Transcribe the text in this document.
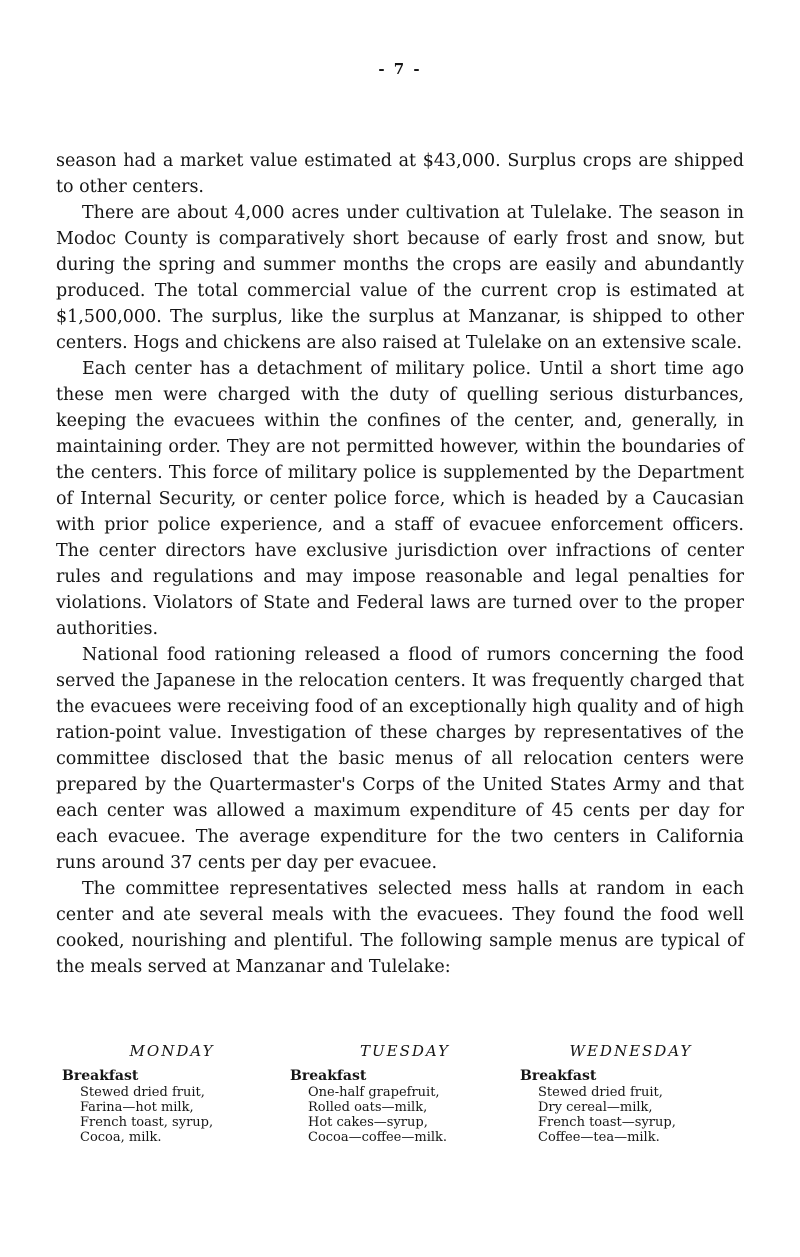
- 7 -

season had a market value estimated at $43,000. Surplus crops are shipped to other centers.

There are about 4,000 acres under cultivation at Tulelake. The season in Modoc County is comparatively short because of early frost and snow, but during the spring and summer months the crops are easily and abundantly produced. The total commercial value of the current crop is estimated at $1,500,000. The surplus, like the surplus at Manzanar, is shipped to other centers. Hogs and chickens are also raised at Tulelake on an extensive scale.

Each center has a detachment of military police. Until a short time ago these men were charged with the duty of quelling serious disturbances, keeping the evacuees within the confines of the center, and, generally, in maintaining order. They are not permitted however, within the boundaries of the centers. This force of military police is supplemented by the Department of Internal Security, or center police force, which is headed by a Caucasian with prior police experience, and a staff of evacuee enforcement officers. The center directors have exclusive jurisdiction over infractions of center rules and regulations and may impose reasonable and legal penalties for violations. Violators of State and Federal laws are turned over to the proper authorities.

National food rationing released a flood of rumors concerning the food served the Japanese in the relocation centers. It was frequently charged that the evacuees were receiving food of an exceptionally high quality and of high ration-point value. Investigation of these charges by representatives of the committee disclosed that the basic menus of all relocation centers were prepared by the Quartermaster's Corps of the United States Army and that each center was allowed a maximum expenditure of 45 cents per day for each evacuee. The average expenditure for the two centers in California runs around 37 cents per day per evacuee.

The committee representatives selected mess halls at random in each center and ate several meals with the evacuees. They found the food well cooked, nourishing and plentiful. The following sample menus are typical of the meals served at Manzanar and Tulelake:

MONDAY
Breakfast
Stewed dried fruit,
Farina—hot milk,
French toast, syrup,
Cocoa, milk.
TUESDAY
Breakfast
One-half grapefruit,
Rolled oats—milk,
Hot cakes—syrup,
Cocoa—coffee—milk.
WEDNESDAY
Breakfast
Stewed dried fruit,
Dry cereal—milk,
French toast—syrup,
Coffee—tea—milk.
